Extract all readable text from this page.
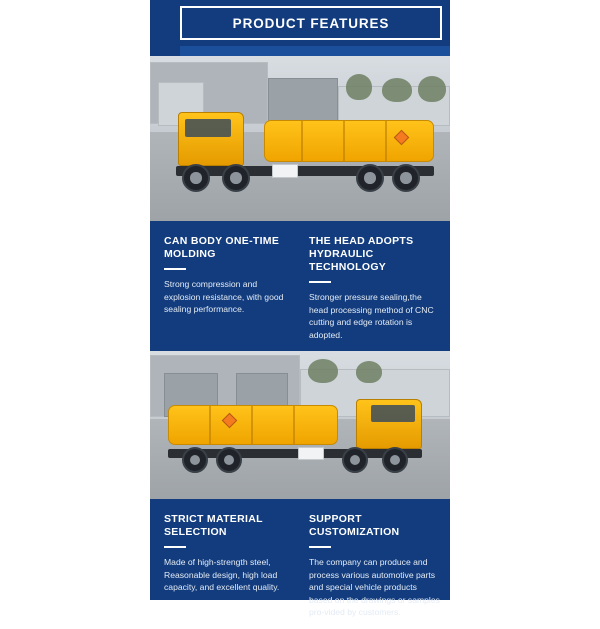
PRODUCT FEATURES
CAN BODY ONE-TIME MOLDING

Strong compression and explosion resistance, with good sealing performance.

THE HEAD ADOPTS HYDRAULIC TECHNOLOGY

Stronger pressure sealing,the head processing method of CNC cutting and edge rotation is adopted.

STRICT MATERIAL SELECTION

Made of high-strength steel, Reasonable design, high load capacity, and excellent quality.

SUPPORT CUSTOMIZATION

The company can produce and process various automotive parts and special vehicle products based on the drawings or samples pro-vided by customers.
